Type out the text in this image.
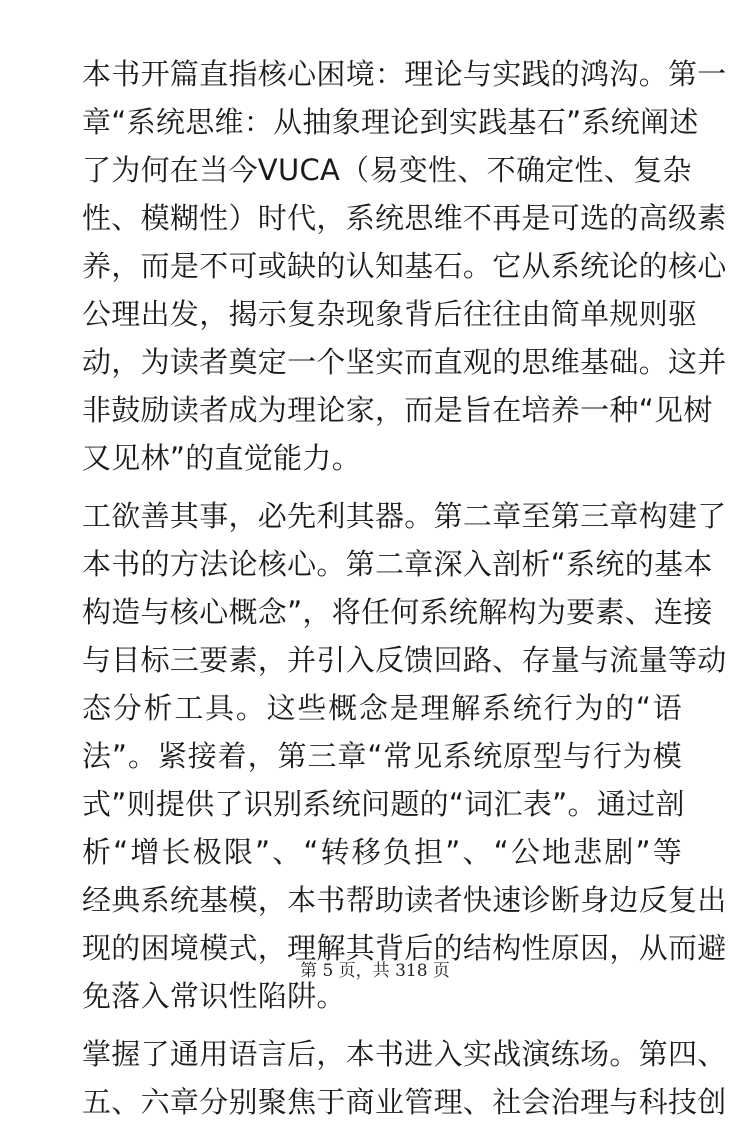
本书开篇直指核心困境：理论与实践的鸿沟。第一
章“系统思维：从抽象理论到实践基石”系统阐述
了为何在当今VUCA（易变性、不确定性、复杂
性、模糊性）时代，系统思维不再是可选的高级素
养，而是不可或缺的认知基石。它从系统论的核心
公理出发，揭示复杂现象背后往往由简单规则驱
动，为读者奠定一个坚实而直观的思维基础。这并
非鼓励读者成为理论家，而是旨在培养一种“见树
又见林”的直觉能力。
工欲善其事，必先利其器。第二章至第三章构建了
本书的方法论核心。第二章深入剖析“系统的基本
构造与核心概念”，将任何系统解构为要素、连接
与目标三要素，并引入反馈回路、存量与流量等动
态分析工具。这些概念是理解系统行为的“语
法”。紧接着，第三章“常见系统原型与行为模
式”则提供了识别系统问题的“词汇表”。通过剖
析“增长极限”、“转移负担”、“公地悲剧”等
经典系统基模，本书帮助读者快速诊断身边反复出
现的困境模式，理解其背后的结构性原因，从而避
免落入常识性陷阱。
掌握了通用语言后，本书进入实战演练场。第四、
五、六章分别聚焦于商业管理、社会治理与科技创
第 5 页，共 318 页
